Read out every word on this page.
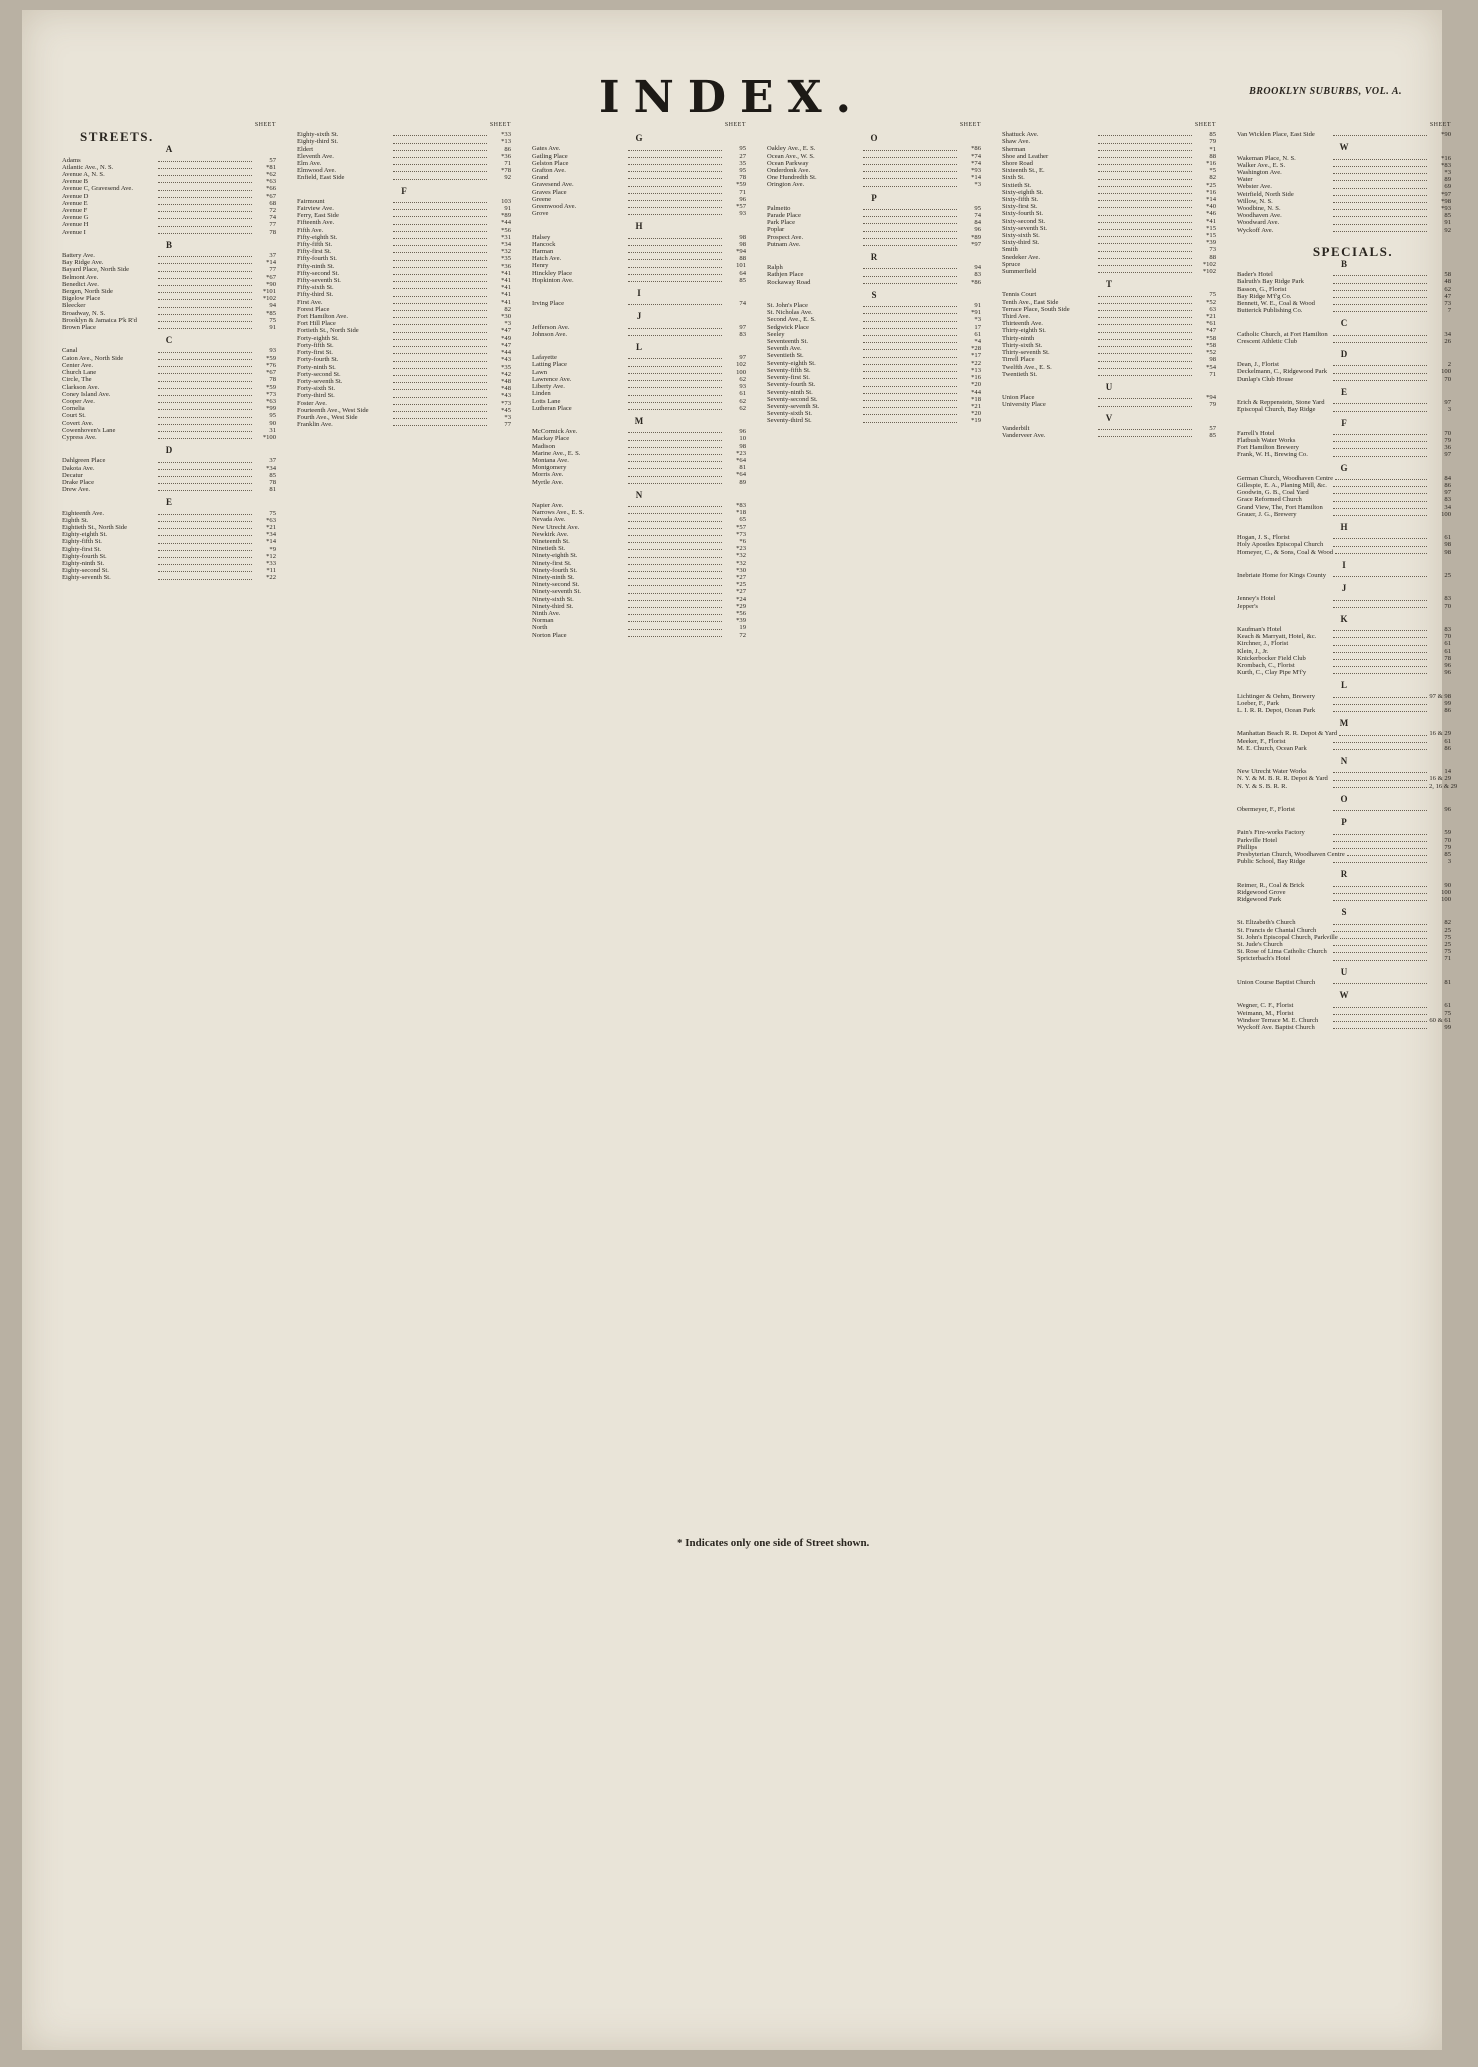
INDEX.	BROOKLYN SUBURBS, VOL. A.
SHEET
STREETS.
A
Adams	57
Atlantic Ave., N. S.	*81
Avenue A, N. S.	*62
Avenue B	*63
Avenue C, Gravesend Ave.	*66
Avenue D	*67
Avenue E	68
Avenue F	72
Avenue G	74
Avenue H	77
Avenue I	78
B
Battery Ave.	37
Bay Ridge Ave.	*14
Bayard Place, North Side	77
Belmont Ave.	*67
Benedict Ave.	*90
Bergen, North Side	*101
Bigelow Place	*102
Bleecker	94
Broadway, N. S.	*85
Brooklyn & Jamaica P'k R'd	75
Brown Place	91
C
Canal	93
Caton Ave., North Side	*59
Center Ave.	*76
Church Lane	*67
Circle, The	78
Clarkson Ave.	*59
Coney Island Ave.	*73
Cooper Ave.	*63
Cornelia	*99
Court St.	95
Covert Ave.	90
Cowenhoven's Lane	31
Cypress Ave.	*100
D
Dahlgreen Place	37
Dakota Ave.	*34
Decatur	85
Drake Place	78
Drew Ave.	81
E
Eighteenth Ave.	75
Eighth St.	*63
Eightieth St., North Side	*21
Eighty-eighth St.	*34
Eighty-fifth St.	*14
Eighty-first St.	*9
Eighty-fourth St.	*12
Eighty-ninth St.	*33
Eighty-second St.	*11
Eighty-seventh St.	*22
SHEET
Eighty-sixth St.	*33
Eighty-third St.	*13
Eldert	86
Eleventh Ave.	*36
Elm Ave.	71
Elmwood Ave.	*78
Enfield, East Side	92
F
Fairmount	103
Fairview Ave.	91
Ferry, East Side	*89
Fifteenth Ave.	*44
Fifth Ave.	*56
Fifty-eighth St.	*31
Fifty-fifth St.	*34
Fifty-first St.	*32
Fifty-fourth St.	*35
Fifty-ninth St.	*36
Fifty-second St.	*41
Fifty-seventh St.	*41
Fifty-sixth St.	*41
Fifty-third St.	*41
First Ave.	*41
Forest Place	82
Fort Hamilton Ave.	*30
Fort Hill Place	*3
Fortieth St., North Side	*47
Forty-eighth St.	*49
Forty-fifth St.	*47
Forty-first St.	*44
Forty-fourth St.	*43
Forty-ninth St.	*35
Forty-second St.	*42
Forty-seventh St.	*48
Forty-sixth St.	*48
Forty-third St.	*43
Foster Ave.	*73
Fourteenth Ave., West Side	*45
Fourth Ave., West Side	*3
Franklin Ave.	77
SHEET
G
Gates Ave.	95
Gatling Place	27
Gelston Place	35
Grafton Ave.	95
Grand	78
Gravesend Ave.	*59
Graves Place	71
Greene	96
Greenwood Ave.	*57
Grove	93
H
Halsey	98
Hancock	98
Harman	*94
Hatch Ave.	88
Henry	101
Hinckley Place	64
Hopkinton Ave.	85
I
Irving Place	74
J
Jefferson Ave.	97
Johnson Ave.	83
L
Lafayette	97
Latting Place	102
Lawn	100
Lawrence Ave.	62
Liberty Ave.	93
Linden	61
Lotts Lane	62
Lutheran Place	62
M
McCormick Ave.	96
Mackay Place	10
Madison	98
Marine Ave., E. S.	*23
Montana Ave.	*64
Montgomery	81
Morris Ave.	*64
Myrtle Ave.	89
N
Napier Ave.	*83
Narrows Ave., E. S.	*18
Nevada Ave.	65
New Utrecht Ave.	*57
Newkirk Ave.	*73
Nineteenth St.	*6
Ninetieth St.	*23
Ninety-eighth St.	*32
Ninety-first St.	*32
Ninety-fourth St.	*30
Ninety-ninth St.	*27
Ninety-second St.	*25
Ninety-seventh St.	*27
Ninety-sixth St.	*24
Ninety-third St.	*29
Ninth Ave.	*56
Norman	*39
North	19
Norton Place	72
SHEET
O
Oakley Ave., E. S.	*86
Ocean Ave., W. S.	*74
Ocean Parkway	*74
Onderdonk Ave.	*93
One Hundredth St.	*14
Orington Ave.	*3
P
Palmetto	95
Parade Place	74
Park Place	84
Poplar	96
Prospect Ave.	*89
Putnam Ave.	*97
R
Ralph	94
Rathjen Place	83
Rockaway Road	*86
S
St. John's Place	91
St. Nicholas Ave.	*91
Second Ave., E. S.	*3
Sedgwick Place	17
Seeley	61
Seventeenth St.	*4
Seventh Ave.	*28
Seventieth St.	*17
Seventy-eighth St.	*22
Seventy-fifth St.	*13
Seventy-first St.	*16
Seventy-fourth St.	*20
Seventy-ninth St.	*44
Seventy-second St.	*18
Seventy-seventh St.	*21
Seventy-sixth St.	*20
Seventy-third St.	*19
SHEET
Shattuck Ave.	85
Shaw Ave.	79
Sherman	*1
Shoe and Leather	88
Shore Road	*16
Sixteenth St., E.	*5
Sixth St.	82
Sixtieth St.	*25
Sixty-eighth St.	*16
Sixty-fifth St.	*14
Sixty-first St.	*40
Sixty-fourth St.	*46
Sixty-second St.	*41
Sixty-seventh St.	*15
Sixty-sixth St.	*15
Sixty-third St.	*39
Smith	73
Snedeker Ave.	88
Spruce	*102
Summerfield	*102
T
Tennis Court	75
Tenth Ave., East Side	*52
Terrace Place, South Side	63
Third Ave.	*21
Thirteenth Ave.	*61
Thirty-eighth St.	*47
Thirty-ninth	*58
Thirty-sixth St.	*58
Thirty-seventh St.	*52
Tirrell Place	98
Twelfth Ave., E. S.	*54
Twentieth St.	71
U
Union Place	*94
University Place	79
V
Vanderbilt	57
Vanderveer Ave.	85
SHEET
Van Wicklen Place, East Side	*90
W
Wakeman Place, N. S.	*16
Walker Ave., E. S.	*83
Washington Ave.	*3
Water	89
Webster Ave.	69
Weirfield, North Side	*97
Willow, N. S.	*98
Woodbine, N. S.	*93
Woodhaven Ave.	85
Woodward Ave.	91
Wyckoff Ave.	92
SPECIALS.
B
Bader's Hotel	58
Balruth's Bay Ridge Park	48
Basson, G., Florist	62
Bay Ridge M'f'g Co.	47
Bennett, W. E., Coal & Wood	73
Butterick Publishing Co.	7
C
Catholic Church, at Fort Hamilton	34
Crescent Athletic Club	26
D
Dean, J., Florist	2
Deckelmann, C., Ridgewood Park	100
Dunlap's Club House	70
E
Erich & Reppenstein, Stone Yard	97
Episcopal Church, Bay Ridge	3
F
Farrell's Hotel	70
Flatbush Water Works	79
Fort Hamilton Brewery	36
Frank, W. H., Brewing Co.	97
G
German Church, Woodhaven Centre	84
Gillespie, E. A., Planing Mill, &c.	86
Goodwin, G. B., Coal Yard	97
Grace Reformed Church	83
Grand View, The, Fort Hamilton	34
Grauer, J. G., Brewery	100
H
Hogan, J. S., Florist	61
Holy Apostles Episcopal Church	98
Homeyer, C., & Sons, Coal & Wood	98
I
Inebriate Home for Kings County	25
J
Jenney's Hotel	83
Jepper's	70
K
Kaufman's Hotel	83
Keach & Marryatt, Hotel, &c.	70
Kirchner, J., Florist	61
Klein, J., Jr.	61
Knickerbocker Field Club	78
Krombach, C., Florist	96
Kurth, C., Clay Pipe M'f'y	96
L
Lichtinger & Oehm, Brewery	97 & 98
Loeber, F., Park	99
L. I. R. R. Depot, Ocean Park	86
M
Manhattan Beach R. R. Depot & Yard	16 & 29
Meeker, F., Florist	61
M. E. Church, Ocean Park	86
N
New Utrecht Water Works	14
N. Y. & M. B. R. R. Depot & Yard	16 & 29
N. Y. & S. B. R. R.	2, 16 & 29
O
Obermeyer, F., Florist	96
P
Pain's Fire-works Factory	59
Parkville Hotel	70
Phillips	79
Presbyterian Church, Woodhaven Centre	85
Public School, Bay Ridge	3
R
Reimer, R., Coal & Brick	90
Ridgewood Grove	100
Ridgewood Park	100
S
St. Elizabeth's Church	82
St. Francis de Chantal Church	25
St. John's Episcopal Church, Parkville	75
St. Jude's Church	25
St. Rose of Lima Catholic Church	75
Spricterbach's Hotel	71
U
Union Course Baptist Church	81
W
Wegner, C. F., Florist	61
Weimann, M., Florist	75
Windsor Terrace M. E. Church	60 & 61
Wyckoff Ave. Baptist Church	99
* Indicates only one side of Street shown.
